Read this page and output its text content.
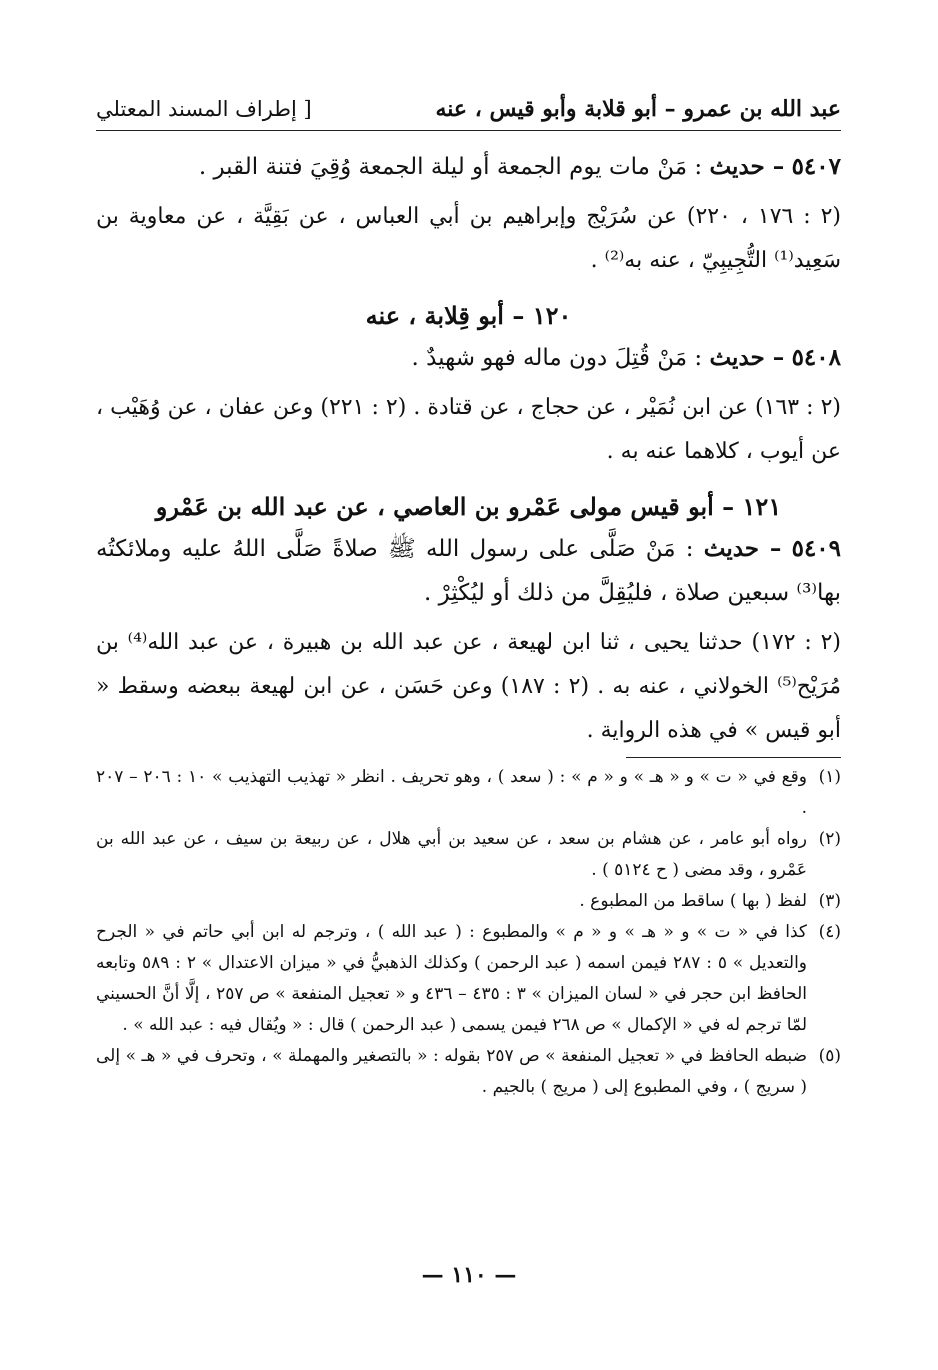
عبد الله بن عمرو – أبو قلابة وأبو قيس ، عنه
[ إطراف المسند المعتلي
٥٤٠٧ – حديث : مَنْ مات يوم الجمعة أو ليلة الجمعة وُقِيَ فتنة القبر .
(٢ : ١٧٦ ، ٢٢٠) عن سُرَيْج وإبراهيم بن أبي العباس ، عن بَقِيَّة ، عن معاوية بن سَعِيد⁽¹⁾ التُّجِيبِيّ ، عنه به⁽²⁾ .
١٢٠ – أبو قِلابة ، عنه
٥٤٠٨ – حديث : مَنْ قُتِلَ دون ماله فهو شهيدٌ .
(٢ : ١٦٣) عن ابن نُمَيْر ، عن حجاج ، عن قتادة . (٢ : ٢٢١) وعن عفان ، عن وُهَيْب ، عن أيوب ، كلاهما عنه به .
١٢١ – أبو قيس مولى عَمْرو بن العاصي ، عن عبد الله بن عَمْرو
٥٤٠٩ – حديث : مَنْ صَلَّى على رسول الله ﷺ صلاةً صَلَّى اللهُ عليه وملائكتُه بها⁽³⁾ سبعين صلاة ، فليُقِلَّ من ذلك أو ليُكْثِرْ .
(٢ : ١٧٢) حدثنا يحيى ، ثنا ابن لهيعة ، عن عبد الله بن هبيرة ، عن عبد الله⁽⁴⁾ بن مُرَيْح⁽⁵⁾ الخولاني ، عنه به . (٢ : ١٨٧) وعن حَسَن ، عن ابن لهيعة ببعضه وسقط « أبو قيس » في هذه الرواية .
(١)
وقع في « ت » و « هـ » و « م » : ( سعد ) ، وهو تحريف . انظر « تهذيب التهذيب » ١٠ : ٢٠٦ – ٢٠٧ .
(٢)
رواه أبو عامر ، عن هشام بن سعد ، عن سعيد بن أبي هلال ، عن ربيعة بن سيف ، عن عبد الله بن عَمْرو ، وقد مضى ( ح ٥١٢٤ ) .
(٣)
لفظ ( بها ) ساقط من المطبوع .
(٤)
كذا في « ت » و « هـ » و « م » والمطبوع : ( عبد الله ) ، وترجم له ابن أبي حاتم في « الجرح والتعديل » ٥ : ٢٨٧ فيمن اسمه ( عبد الرحمن ) وكذلك الذهبيُّ في « ميزان الاعتدال » ٢ : ٥٨٩ وتابعه الحافظ ابن حجر في « لسان الميزان » ٣ : ٤٣٥ – ٤٣٦ و « تعجيل المنفعة » ص ٢٥٧ ، إلَّا أنَّ الحسيني لمّا ترجم له في « الإكمال » ص ٢٦٨ فيمن يسمى ( عبد الرحمن ) قال : « ويُقال فيه : عبد الله » .
(٥)
ضبطه الحافظ في « تعجيل المنفعة » ص ٢٥٧ بقوله : « بالتصغير والمهملة » ، وتحرف في « هـ » إلى ( سريج ) ، وفي المطبوع إلى ( مريج ) بالجيم .
— ١١٠ —
